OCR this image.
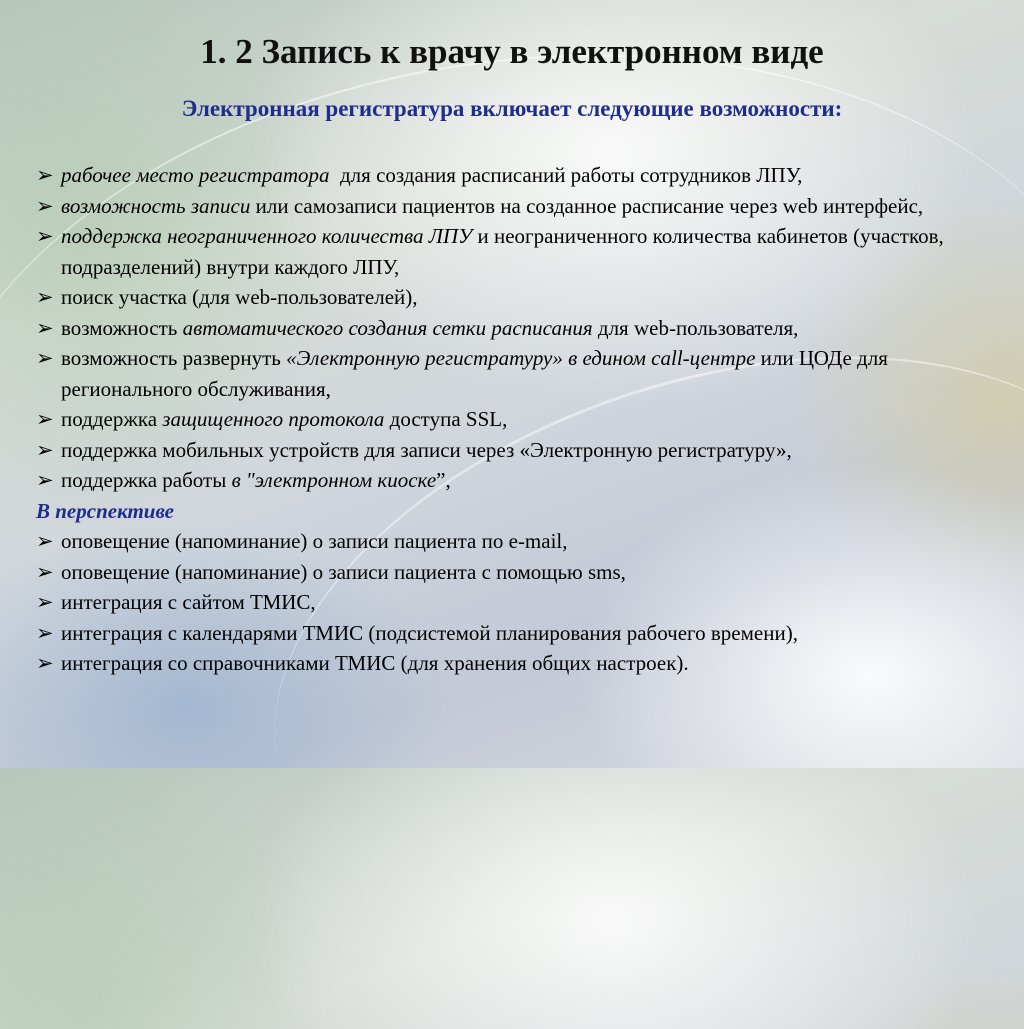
1. 2 Запись к врачу в электронном виде
Электронная регистратура включает следующие возможности:
➢ рабочее место регистратора  для создания расписаний работы сотрудников ЛПУ,
➢ возможность записи или самозаписи пациентов на созданное расписание через web интерфейс,
➢ поддержка неограниченного количества ЛПУ и неограниченного количества кабинетов (участков, подразделений) внутри каждого ЛПУ,
➢ поиск участка (для web-пользователей),
➢ возможность автоматического создания сетки расписания для web-пользователя,
➢ возможность развернуть «Электронную регистратуру» в едином call-центре или ЦОДе для регионального обслуживания,
➢ поддержка защищенного протокола доступа SSL,
➢ поддержка мобильных устройств для записи через «Электронную регистратуру»,
➢ поддержка работы в "электронном киоске”,
В перспективе
➢ оповещение (напоминание) о записи пациента по e-mail,
➢ оповещение (напоминание) о записи пациента с помощью sms,
➢ интеграция с сайтом ТМИС,
➢ интеграция с календарями ТМИС (подсистемой планирования рабочего времени),
➢ интеграция со справочниками ТМИС (для хранения общих настроек).
